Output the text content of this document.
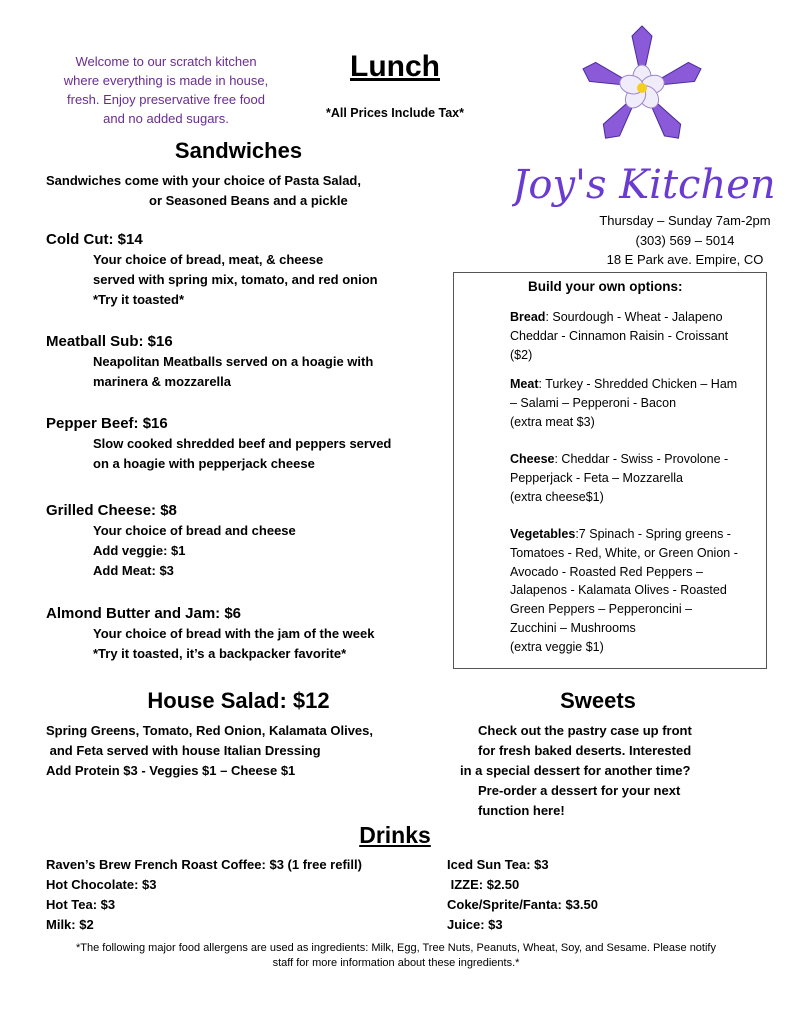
Welcome to our scratch kitchen
where everything is made in house,
fresh. Enjoy preservative free food
and no added sugars.
Lunch
*All Prices Include Tax*
Joy's Kitchen
Thursday – Sunday 7am-2pm
(303) 569 – 5014
18 E Park ave. Empire, CO
Sandwiches
Sandwiches come with your choice of Pasta Salad,
or Seasoned Beans and a pickle
Cold Cut: $14
Your choice of bread, meat, & cheese
served with spring mix, tomato, and red onion
*Try it toasted*
Meatball Sub: $16
Neapolitan Meatballs served on a hoagie with
marinera & mozzarella
Pepper Beef: $16
Slow cooked shredded beef and peppers served
on a hoagie with pepperjack cheese
Grilled Cheese: $8
Your choice of bread and cheese
Add veggie: $1
Add Meat: $3
Almond Butter and Jam: $6
Your choice of bread with the jam of the week
*Try it toasted, it’s a backpacker favorite*
Build your own options:
Bread: Sourdough - Wheat - Jalapeno
Cheddar - Cinnamon Raisin - Croissant
($2)
Meat: Turkey - Shredded Chicken – Ham
– Salami – Pepperoni - Bacon
(extra meat $3)
Cheese: Cheddar - Swiss - Provolone -
Pepperjack - Feta – Mozzarella
(extra cheese$1)
Vegetables:7 Spinach - Spring greens -
Tomatoes - Red, White, or Green Onion -
Avocado - Roasted Red Peppers –
Jalapenos - Kalamata Olives - Roasted
Green Peppers – Pepperoncini –
Zucchini – Mushrooms
(extra veggie $1)
House Salad: $12
Spring Greens, Tomato, Red Onion, Kalamata Olives,
and Feta served with house Italian Dressing
Add Protein $3 - Veggies $1 – Cheese $1
Sweets
Check out the pastry case up front
for fresh baked deserts. Interested
in a special dessert for another time?
Pre-order a dessert for your next
function here!
Drinks
Raven’s Brew French Roast Coffee: $3 (1 free refill)
Hot Chocolate: $3
Hot Tea: $3
Milk: $2
Iced Sun Tea: $3
IZZE: $2.50
Coke/Sprite/Fanta: $3.50
Juice: $3
*The following major food allergens are used as ingredients: Milk, Egg, Tree Nuts, Peanuts, Wheat, Soy, and Sesame. Please notify
staff for more information about these ingredients.*
